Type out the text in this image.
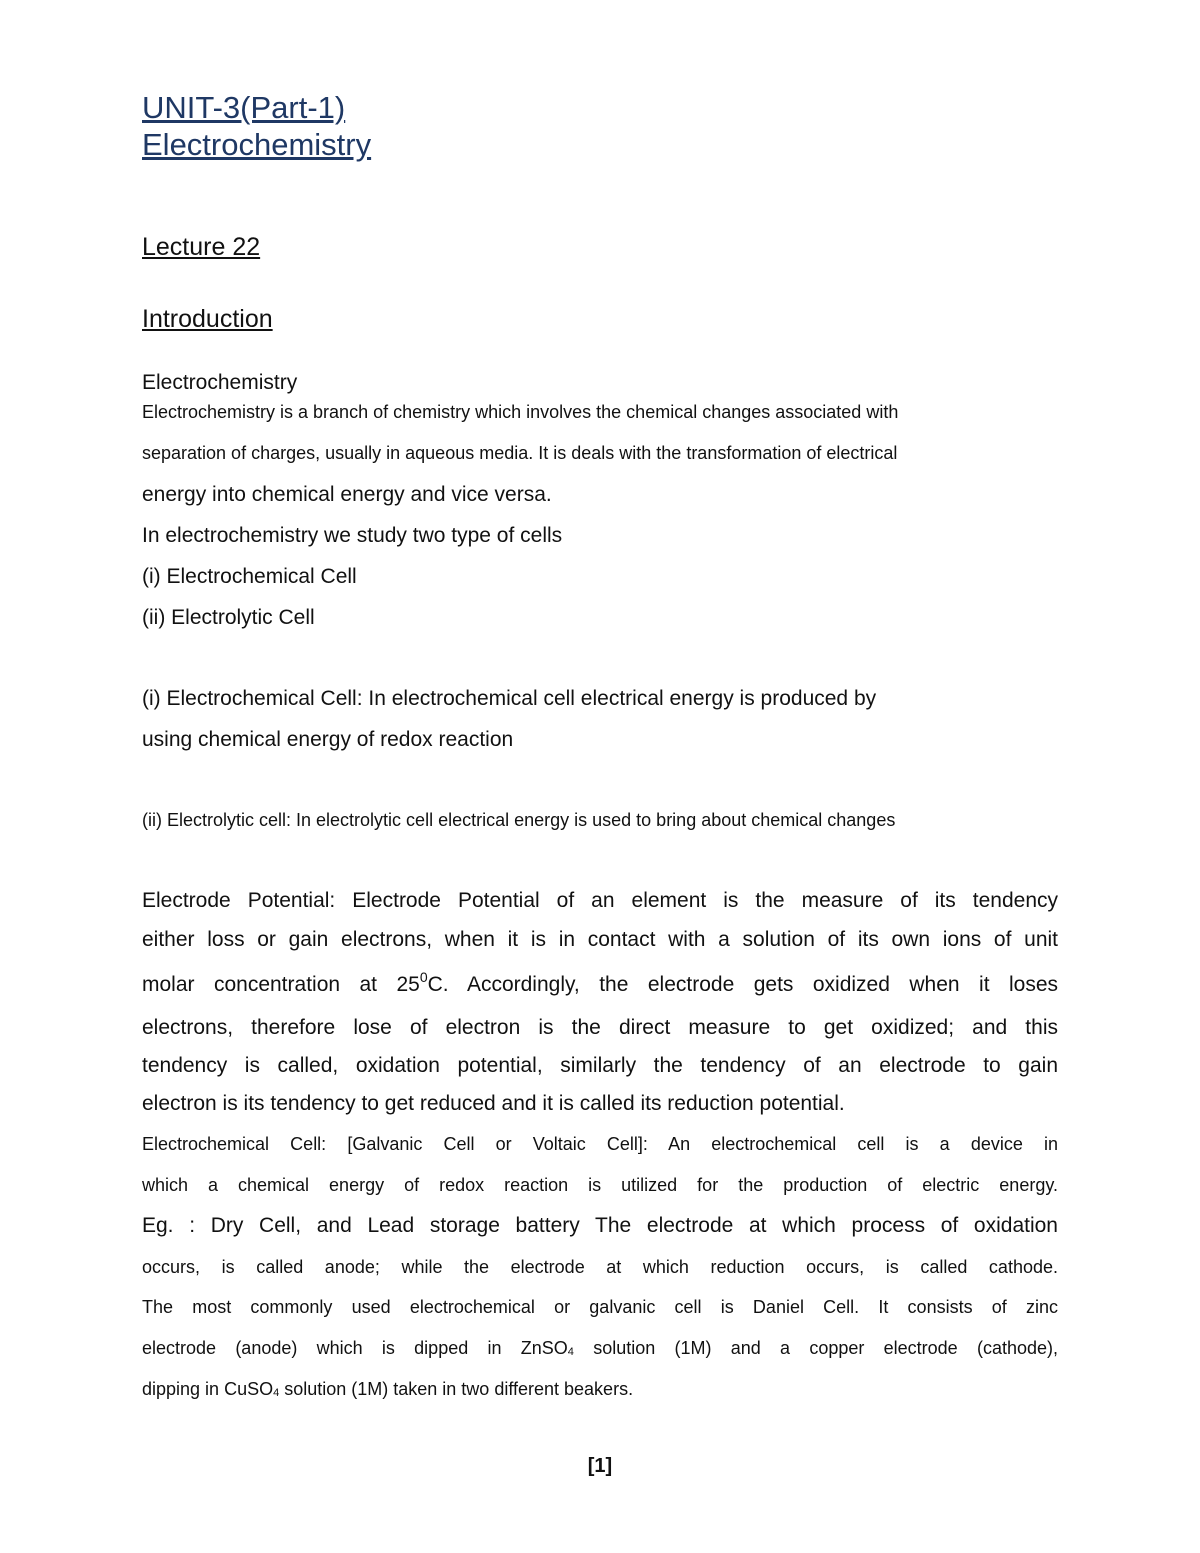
UNIT-3(Part-1)
Electrochemistry
Lecture 22
Introduction
Electrochemistry
Electrochemistry is a branch of chemistry which involves the chemical changes associated with
separation of charges, usually in aqueous media. It is deals with the transformation of electrical
energy into chemical energy and vice versa.
In electrochemistry we study two type of cells
(i) Electrochemical Cell
(ii) Electrolytic Cell
(i) Electrochemical Cell: In electrochemical cell electrical energy is produced by
using chemical energy of redox reaction
(ii) Electrolytic cell: In electrolytic cell electrical energy is used to bring about chemical changes
Electrode Potential: Electrode Potential of an element is the measure of its tendency
either loss or gain electrons, when it is in contact with a solution of its own ions of unit
molar concentration at $25^0C$. Accordingly, the electrode gets oxidized when it loses
electrons, therefore lose of electron is the direct measure to get oxidized; and this
tendency is called, oxidation potential, similarly the tendency of an electrode to gain
electron is its tendency to get reduced and it is called its reduction potential.
Electrochemical Cell: [Galvanic Cell or Voltaic Cell]: An electrochemical cell is a device in
which a chemical energy of redox reaction is utilized for the production of electric energy.
Eg. : Dry Cell, and Lead storage battery The electrode at which process of oxidation
occurs, is called anode; while the electrode at which reduction occurs, is called cathode.
The most commonly used electrochemical or galvanic cell is Daniel Cell. It consists of zinc
electrode (anode) which is dipped in ZnSO$_4$ solution (1M) and a copper electrode (cathode),
dipping in CuSO$_4$ solution (1M) taken in two different beakers.
[1]
